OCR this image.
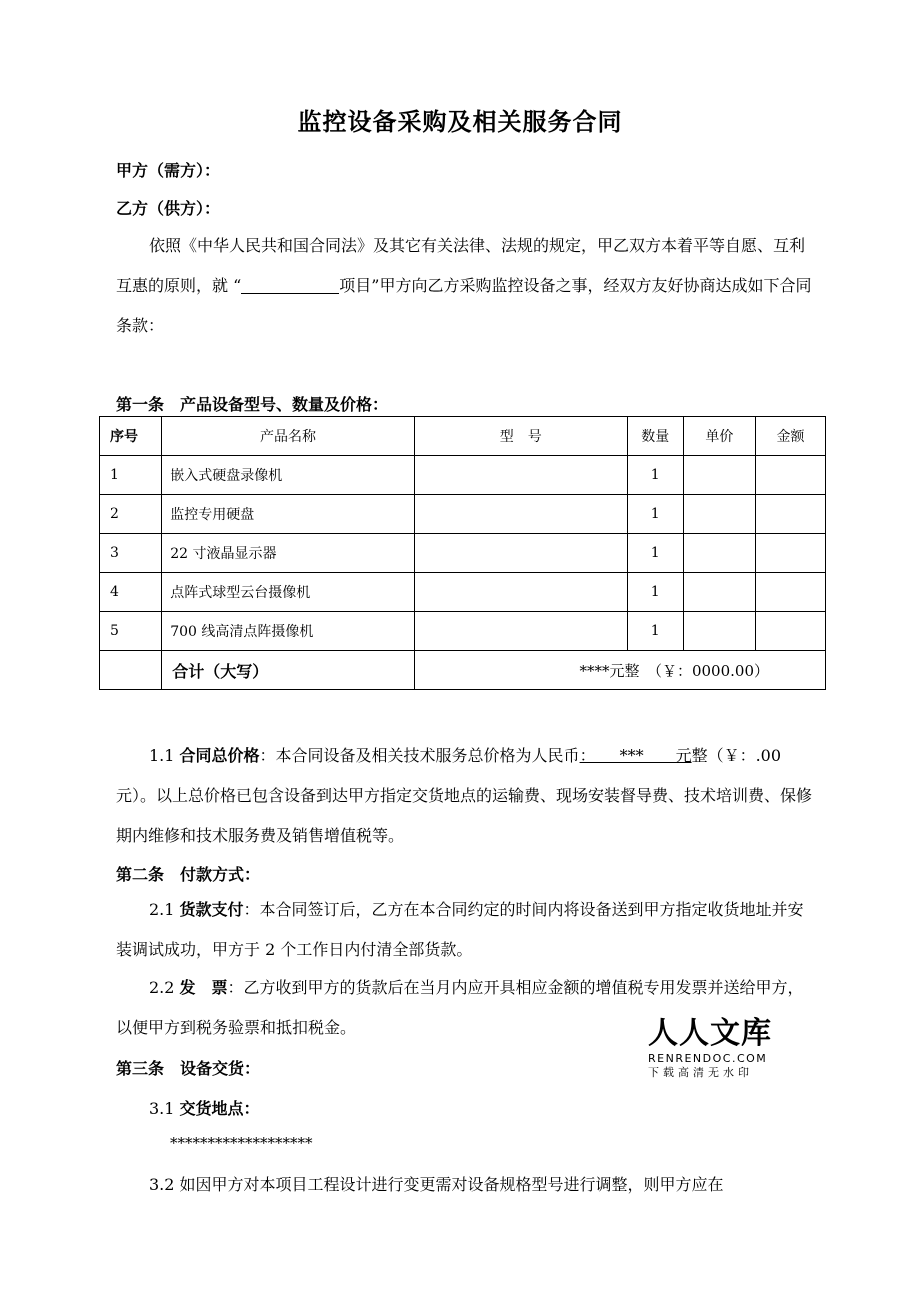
监控设备采购及相关服务合同
甲方（需方）：
乙方（供方）：
依照《中华人民共和国合同法》及其它有关法律、法规的规定，甲乙双方本着平等自愿、互利互惠的原则，就 “	项目”甲方向乙方采购监控设备之事，经双方友好协商达成如下合同条款：
第一条　产品设备型号、数量及价格：
序号	产品名称	型　号	数量	单价	金额
1	嵌入式硬盘录像机		1		
2	监控专用硬盘		1		
3	22 寸液晶显示器		1		
4	点阵式球型云台摄像机		1		
5	700 线高清点阵摄像机		1		
	合计（大写）	****元整　（￥：0000.00）			
1.1 合同总价格：本合同设备及相关技术服务总价格为人民币：　　***　　元整（￥：.00 元）。以上总价格已包含设备到达甲方指定交货地点的运输费、现场安装督导费、技术培训费、保修期内维修和技术服务费及销售增值税等。
第二条　付款方式：
2.1 货款支付：本合同签订后，乙方在本合同约定的时间内将设备送到甲方指定收货地址并安装调试成功，甲方于 2 个工作日内付清全部货款。
2.2 发　票：乙方收到甲方的货款后在当月内应开具相应金额的增值税专用发票并送给甲方，以便甲方到税务验票和抵扣税金。
第三条　设备交货：
3.1 交货地点：
*******************
3.2 如因甲方对本项目工程设计进行变更需对设备规格型号进行调整，则甲方应在
人人文库
RENRENDOC.COM
下载高清无水印
